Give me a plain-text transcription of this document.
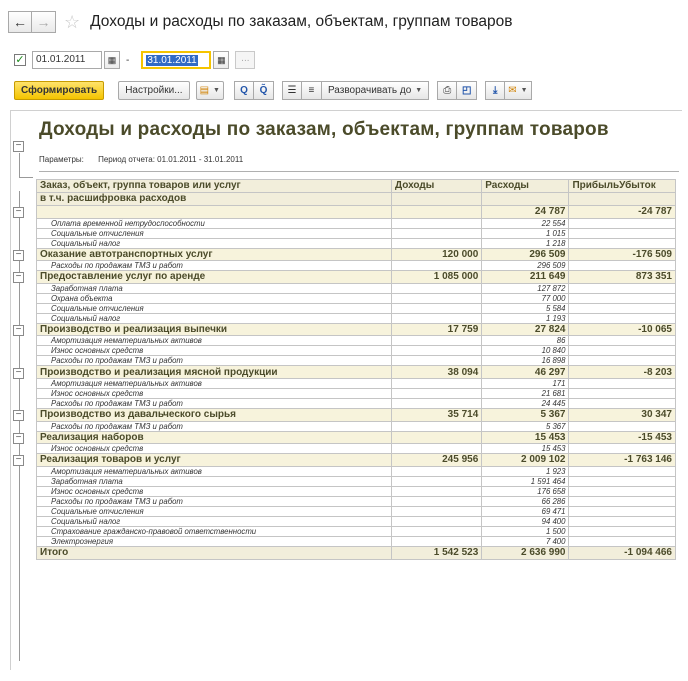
← → ☆ Доходы и расходы по заказам, объектам, группам товаров
✓	01.01.2011	▦ -	31.01.2011	▦	...
Сформировать	Настройки... ▤ ▼ Q Q̃ ☰ ≡ Разворачивать до ▼ ⎙ ◰ ⤓ ✉ ▼
−
Доходы и расходы по заказам, объектам, группам товаров
Параметры: Период отчета: 01.01.2011 - 31.01.2011
−
−
−
−
−
−
−
−
Заказ, объект, группа товаров или услуг	Доходы	Расходы	ПрибыльУбыток
в т.ч. расшифровка расходов			
		24 787	-24 787
Оплата временной нетрудоспособности		22 554	
Социальные отчисления		1 015	
Социальный налог		1 218	
Оказание автотранспортных услуг	120 000	296 509	-176 509
Расходы по продажам ТМЗ и работ		296 509	
Предоставление услуг по аренде	1 085 000	211 649	873 351
Заработная плата		127 872	
Охрана объекта		77 000	
Социальные отчисления		5 584	
Социальный налог		1 193	
Производство и реализация выпечки	17 759	27 824	-10 065
Амортизация нематериальных активов		86	
Износ основных средств		10 840	
Расходы по продажам ТМЗ и работ		16 898	
Производство и реализация мясной продукции	38 094	46 297	-8 203
Амортизация нематериальных активов		171	
Износ основных средств		21 681	
Расходы по продажам ТМЗ и работ		24 445	
Производство из давальческого сырья	35 714	5 367	30 347
Расходы по продажам ТМЗ и работ		5 367	
Реализация наборов		15 453	-15 453
Износ основных средств		15 453	
Реализация товаров и услуг	245 956	2 009 102	-1 763 146
Амортизация нематериальных активов		1 923	
Заработная плата		1 591 464	
Износ основных средств		176 658	
Расходы по продажам ТМЗ и работ		66 286	
Социальные отчисления		69 471	
Социальный налог		94 400	
Страхование гражданско-правовой ответственности		1 500	
Электроэнергия		7 400	
Итого	1 542 523	2 636 990	-1 094 466
